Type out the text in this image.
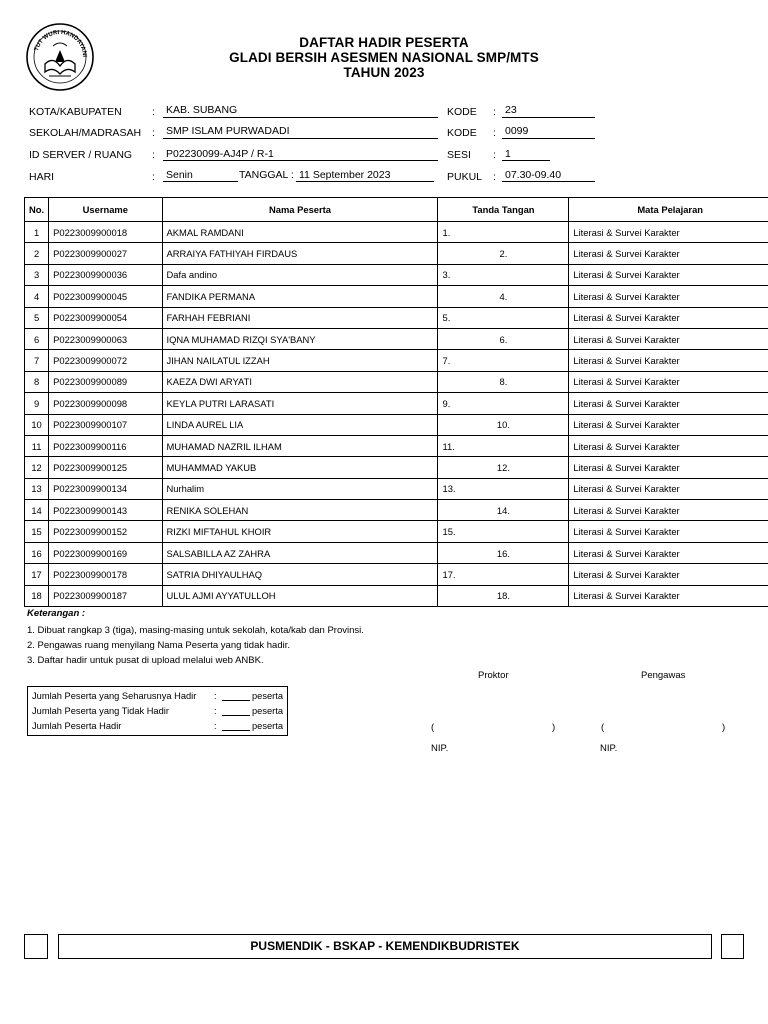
TUT WURI HANDAYANI
DAFTAR HADIR PESERTA
GLADI BERSIH ASESMEN NASIONAL SMP/MTS
TAHUN 2023
KOTA/KABUPATEN	: KAB. SUBANG
SEKOLAH/MADRASAH : SMP ISLAM PURWADADI
ID SERVER / RUANG : P02230099-AJ4P / R-1
HARI	: Senin	TANGGAL : 11 September 2023
KODE : 23
KODE : 0099
SESI : 1
PUKUL : 07.30-09.40
No.	Username	Nama Peserta	Tanda Tangan	Mata Pelajaran
1	P0223009900018	AKMAL RAMDANI	1.	Literasi & Survei Karakter
2	P0223009900027	ARRAIYA FATHIYAH FIRDAUS	2.	Literasi & Survei Karakter
3	P0223009900036	Dafa andino	3.	Literasi & Survei Karakter
4	P0223009900045	FANDIKA PERMANA	4.	Literasi & Survei Karakter
5	P0223009900054	FARHAH FEBRIANI	5.	Literasi & Survei Karakter
6	P0223009900063	IQNA MUHAMAD RIZQI SYA'BANY	6.	Literasi & Survei Karakter
7	P0223009900072	JIHAN NAILATUL IZZAH	7.	Literasi & Survei Karakter
8	P0223009900089	KAEZA DWI ARYATI	8.	Literasi & Survei Karakter
9	P0223009900098	KEYLA PUTRI LARASATI	9.	Literasi & Survei Karakter
10	P0223009900107	LINDA AUREL LIA	10.	Literasi & Survei Karakter
11	P0223009900116	MUHAMAD NAZRIL ILHAM	11.	Literasi & Survei Karakter
12	P0223009900125	MUHAMMAD YAKUB	12.	Literasi & Survei Karakter
13	P0223009900134	Nurhalim	13.	Literasi & Survei Karakter
14	P0223009900143	RENIKA SOLEHAN	14.	Literasi & Survei Karakter
15	P0223009900152	RIZKI MIFTAHUL KHOIR	15.	Literasi & Survei Karakter
16	P0223009900169	SALSABILLA AZ ZAHRA	16.	Literasi & Survei Karakter
17	P0223009900178	SATRIA DHIYAULHAQ	17.	Literasi & Survei Karakter
18	P0223009900187	ULUL AJMI AYYATULLOH	18.	Literasi & Survei Karakter
Keterangan :
1. Dibuat rangkap 3 (tiga), masing-masing untuk sekolah, kota/kab dan Provinsi.
2. Pengawas ruang menyilang Nama Peserta yang tidak hadir.
3. Daftar hadir untuk pusat di upload melalui web ANBK.
Proktor	Pengawas
(	)	(	)
NIP.	NIP.
Jumlah Peserta yang Seharusnya Hadir :	peserta
Jumlah Peserta yang Tidak Hadir	:	peserta
Jumlah Peserta Hadir	:	peserta
PUSMENDIK - BSKAP - KEMENDIKBUDRISTEK
